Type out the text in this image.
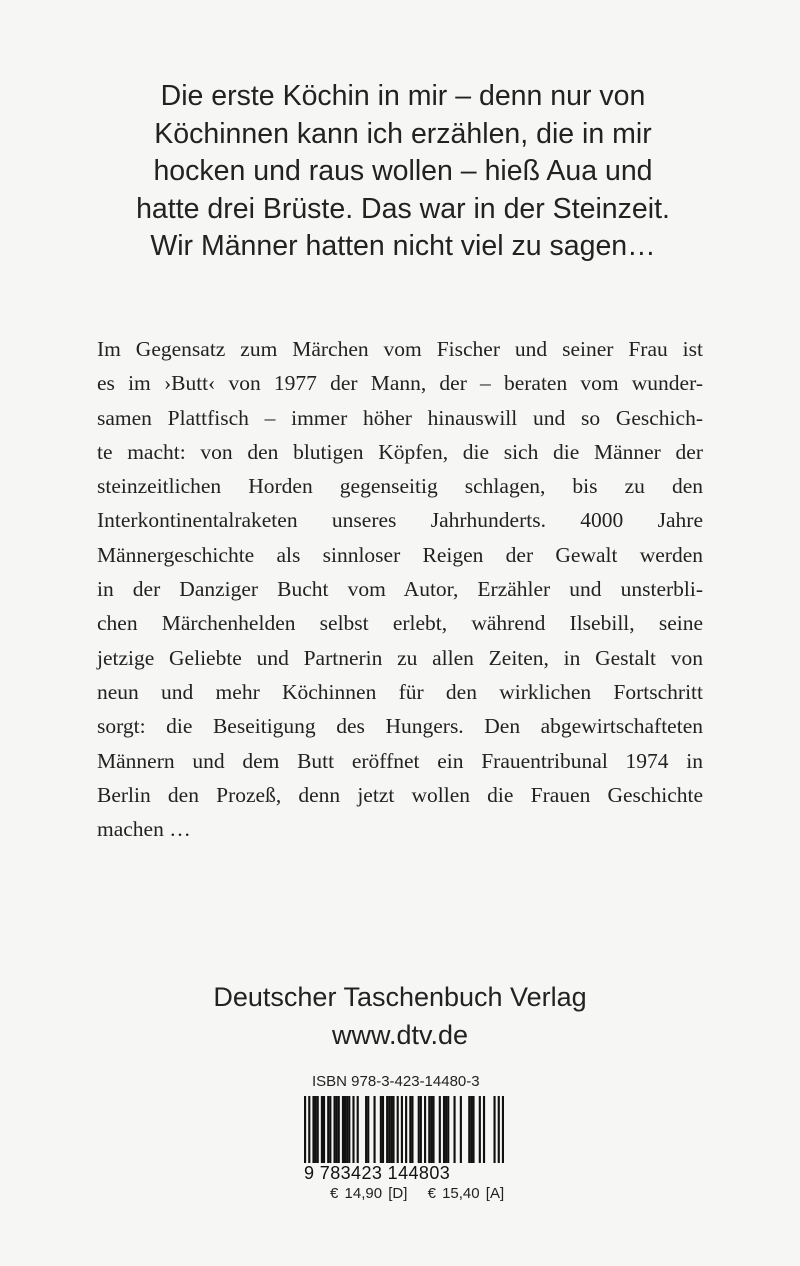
Die erste Köchin in mir – denn nur von
Köchinnen kann ich erzählen, die in mir
hocken und raus wollen – hieß Aua und
hatte drei Brüste. Das war in der Steinzeit.
Wir Männer hatten nicht viel zu sagen…
Im Gegensatz zum Märchen vom Fischer und seiner Frau ist
es im ›Butt‹ von 1977 der Mann, der – beraten vom wunder-
samen Plattfisch – immer höher hinauswill und so Geschich-
te macht: von den blutigen Köpfen, die sich die Männer der
steinzeitlichen Horden gegenseitig schlagen, bis zu den
Interkontinentalraketen unseres Jahrhunderts. 4000 Jahre
Männergeschichte als sinnloser Reigen der Gewalt werden
in der Danziger Bucht vom Autor, Erzähler und unsterbli-
chen Märchenhelden selbst erlebt, während Ilsebill, seine
jetzige Geliebte und Partnerin zu allen Zeiten, in Gestalt von
neun und mehr Köchinnen für den wirklichen Fortschritt
sorgt: die Beseitigung des Hungers. Den abgewirtschafteten
Männern und dem Butt eröffnet ein Frauentribunal 1974 in
Berlin den Prozeß, denn jetzt wollen die Frauen Geschichte
machen …
Deutscher Taschenbuch Verlag
www.dtv.de
ISBN 978-3-423-14480-3
9 783423 144803
€ 14,90 [D] € 15,40 [A]
